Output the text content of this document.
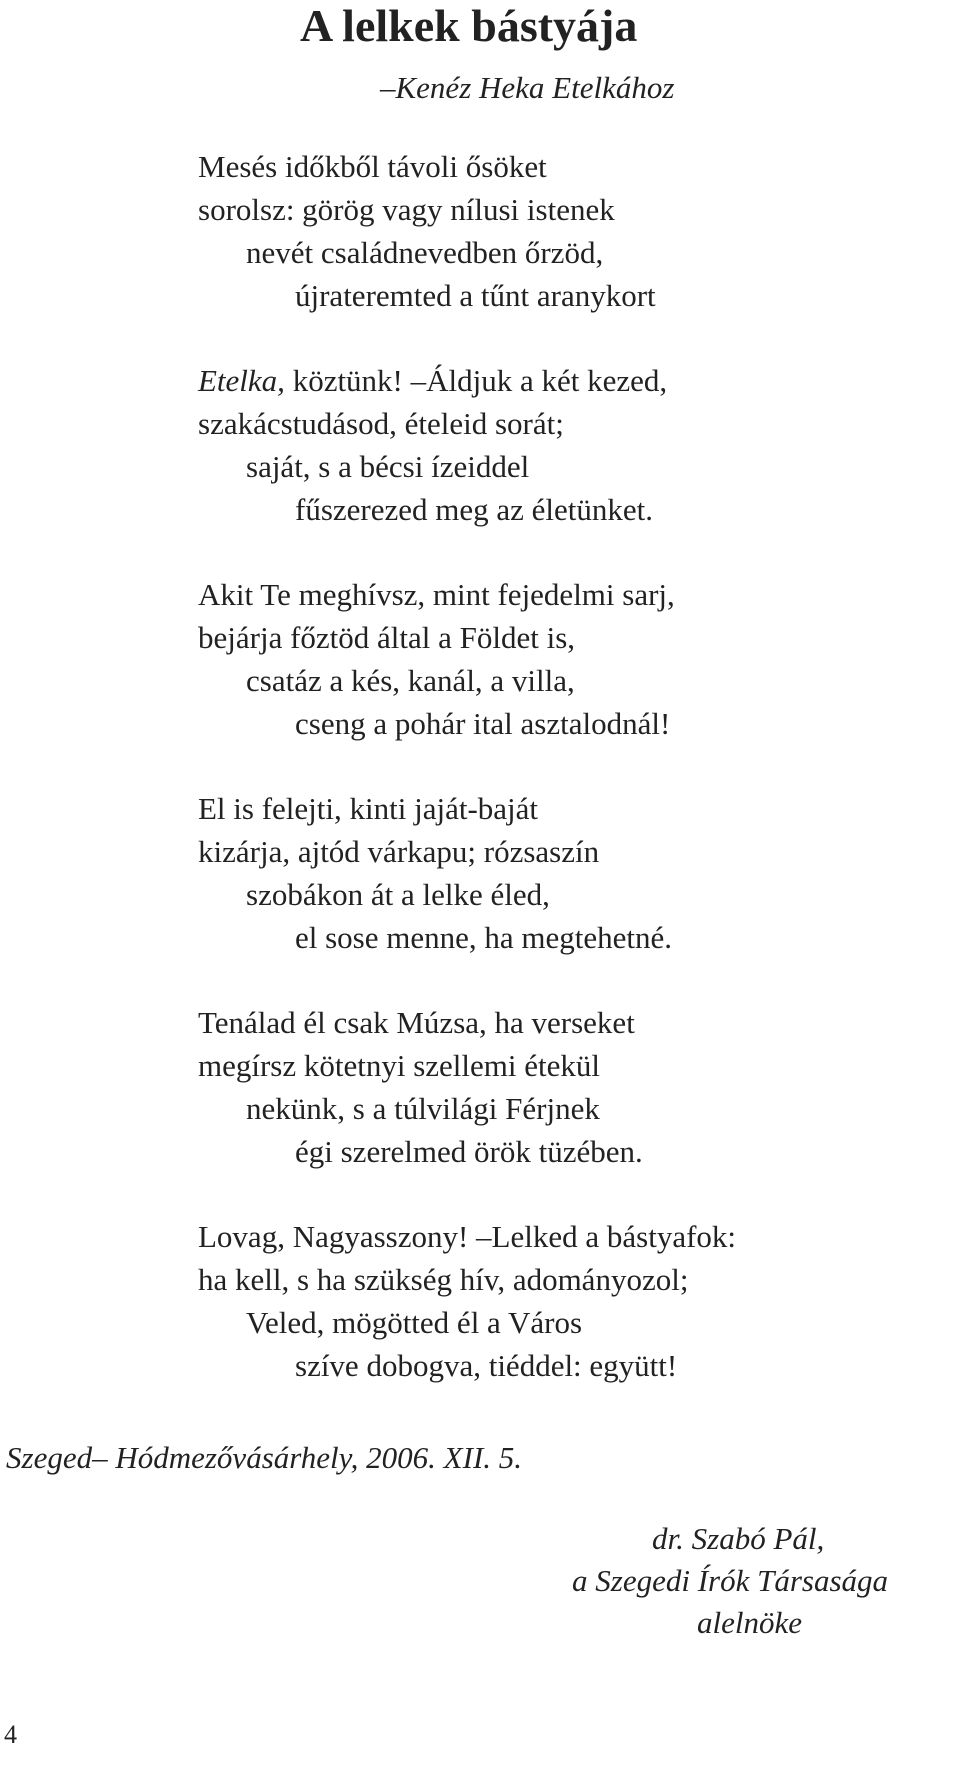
A lelkek bástyája
–Kenéz Heka Etelkához
Mesés időkből távoli ősöket
sorolsz: görög vagy nílusi istenek
nevét családnevedben őrzöd,
újrateremted a tűnt aranykort
Etelka, köztünk! –Áldjuk a két kezed,
szakácstudásod, ételeid sorát;
saját, s a bécsi ízeiddel
fűszerezed meg az életünket.
Akit Te meghívsz, mint fejedelmi sarj,
bejárja főztöd által a Földet is,
csatáz a kés, kanál, a villa,
cseng a pohár ital asztalodnál!
El is felejti, kinti jaját-baját
kizárja, ajtód várkapu; rózsaszín
szobákon át a lelke éled,
el sose menne, ha megtehetné.
Tenálad él csak Múzsa, ha verseket
megírsz kötetnyi szellemi étekül
nekünk, s a túlvilági Férjnek
égi szerelmed örök tüzében.
Lovag, Nagyasszony! –Lelked a bástyafok:
ha kell, s ha szükség hív, adományozol;
Veled, mögötted él a Város
szíve dobogva, tiéddel: együtt!
Szeged– Hódmezővásárhely, 2006. XII. 5.
dr. Szabó Pál,
a Szegedi Írók Társasága
alelnöke
4
